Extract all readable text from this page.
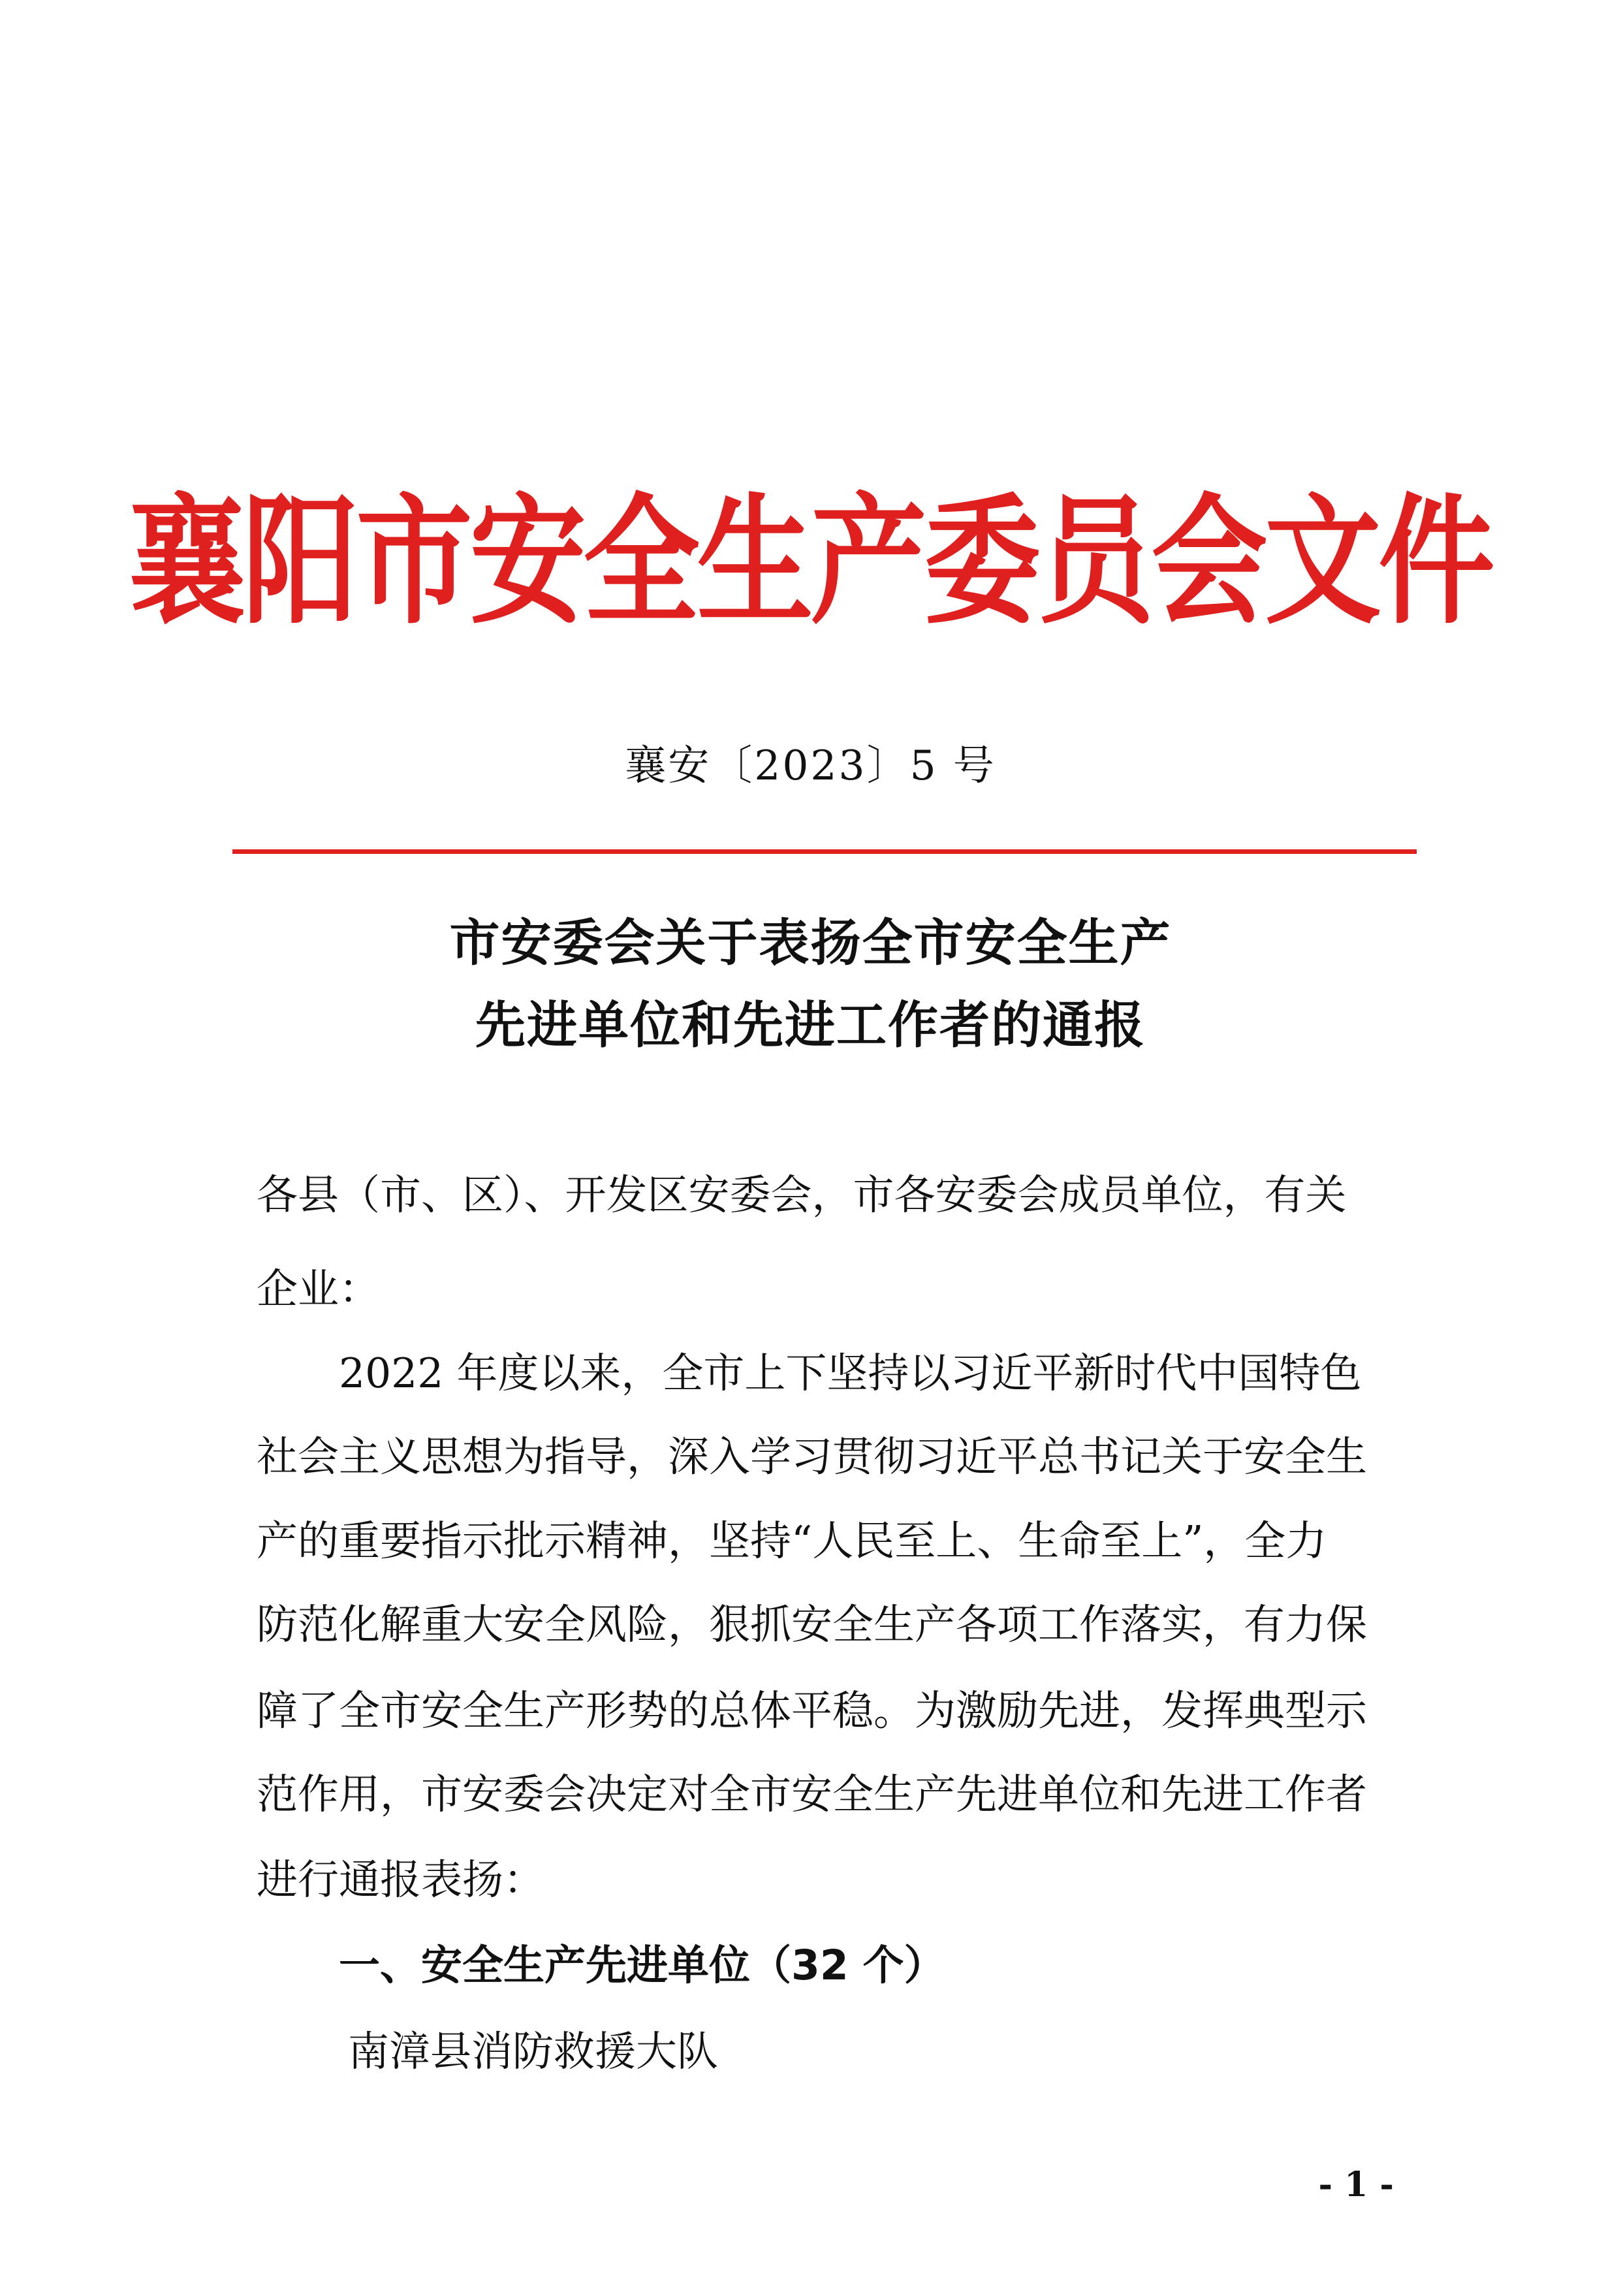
襄阳市安全生产委员会文件
襄安〔2023〕5 号
市安委会关于表扬全市安全生产
先进单位和先进工作者的通报
各县（市、区）、开发区安委会，市各安委会成员单位，有关
企业：
2022 年度以来，全市上下坚持以习近平新时代中国特色
社会主义思想为指导，深入学习贯彻习近平总书记关于安全生
产的重要指示批示精神，坚持“人民至上、生命至上”，全力
防范化解重大安全风险，狠抓安全生产各项工作落实，有力保
障了全市安全生产形势的总体平稳。为激励先进，发挥典型示
范作用，市安委会决定对全市安全生产先进单位和先进工作者
进行通报表扬：
一、安全生产先进单位（32 个）
南漳县消防救援大队
- 1 -
